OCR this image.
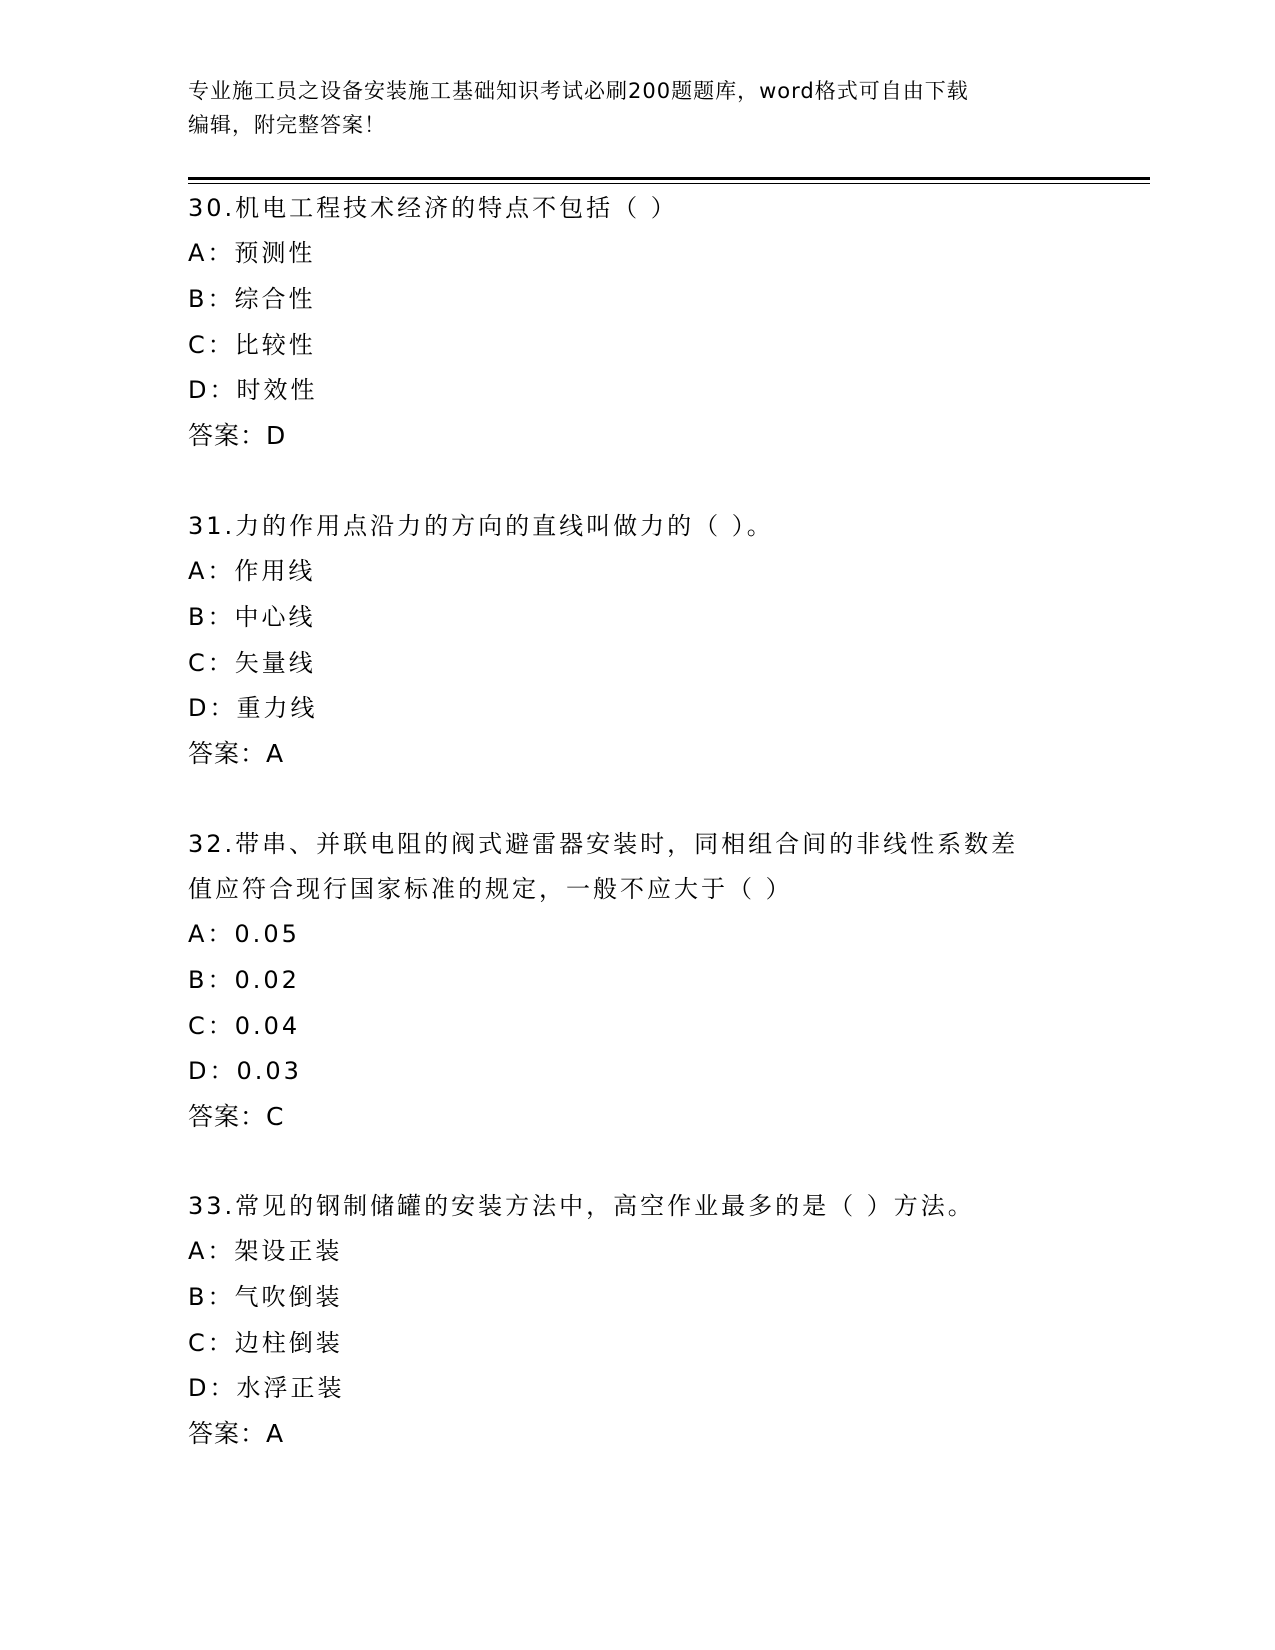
专业施工员之设备安装施工基础知识考试必刷200题题库，word格式可自由下载
编辑，附完整答案！
30.机电工程技术经济的特点不包括（ ）
A：预测性
B：综合性
C：比较性
D：时效性
答案：D
31.力的作用点沿力的方向的直线叫做力的（ ）。
A：作用线
B：中心线
C：矢量线
D：重力线
答案：A
32.带串、并联电阻的阀式避雷器安装时，同相组合间的非线性系数差
值应符合现行国家标准的规定，一般不应大于（ ）
A：0.05
B：0.02
C：0.04
D：0.03
答案：C
33.常见的钢制储罐的安装方法中，高空作业最多的是（ ）方法。
A：架设正装
B：气吹倒装
C：边柱倒装
D：水浮正装
答案：A
